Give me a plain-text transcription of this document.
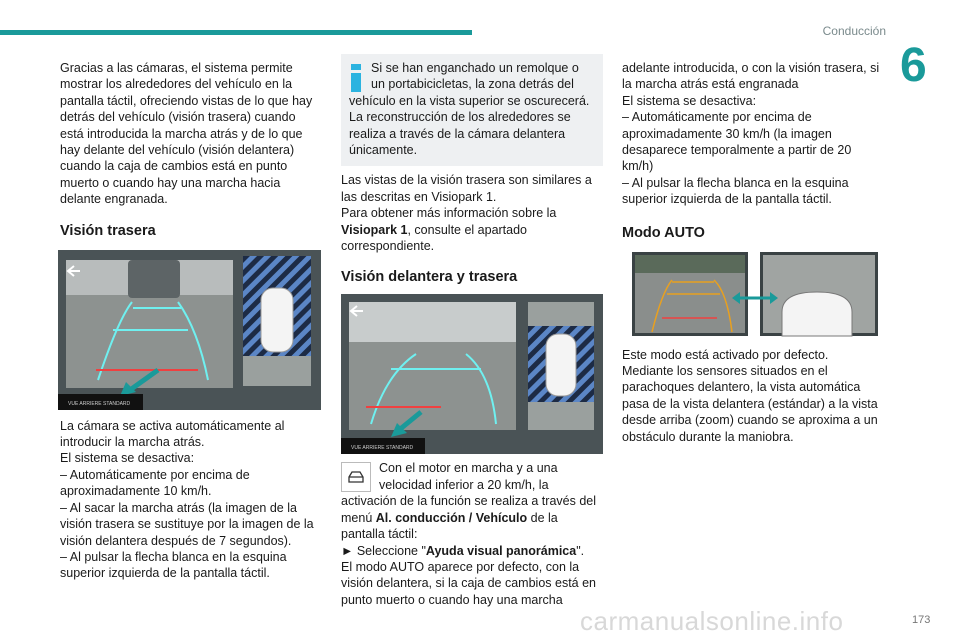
Conducción
6

Gracias a las cámaras, el sistema permite mostrar los alrededores del vehículo en la pantalla táctil, ofreciendo vistas de lo que hay detrás del vehículo (visión trasera) cuando está introducida la marcha atrás y de lo que hay delante del vehículo (visión delantera) cuando la caja de cambios está en punto muerto o cuando hay una marcha hacia delante engranada.

Visión trasera
VUE ARRIERE STANDARD

La cámara se activa automáticamente al introducir la marcha atrás.

El sistema se desactiva:

– Automáticamente por encima de aproximadamente 10 km/h.

– Al sacar la marcha atrás (la imagen de la visión trasera se sustituye por la imagen de la visión delantera después de 7 segundos).

– Al pulsar la flecha blanca en la esquina superior izquierda de la pantalla táctil.

Si se han enganchado un remolque o un portabicicletas, la zona detrás del vehículo en la vista superior se oscurecerá. La reconstrucción de los alrededores se realiza a través de la cámara delantera únicamente.

Las vistas de la visión trasera son similares a las descritas en Visiopark 1.

Para obtener más información sobre la Visiopark 1, consulte el apartado correspondiente.

Visión delantera y trasera
VUE ARRIERE STANDARD

Con el motor en marcha y a una velocidad inferior a 20 km/h, la activación de la función se realiza a través del menú Al. conducción / Vehículo de la pantalla táctil:

► Seleccione "Ayuda visual panorámica".

El modo AUTO aparece por defecto, con la visión delantera, si la caja de cambios está en punto muerto o cuando hay una marcha

adelante introducida, o con la visión trasera, si la marcha atrás está engranada

El sistema se desactiva:

– Automáticamente por encima de aproximadamente 30 km/h (la imagen desaparece temporalmente a partir de 20 km/h)

– Al pulsar la flecha blanca en la esquina superior izquierda de la pantalla táctil.

Modo AUTO

Este modo está activado por defecto.

Mediante los sensores situados en el parachoques delantero, la vista automática pasa de la vista delantera (estándar) a la vista desde arriba (zoom) cuando se aproxima a un obstáculo durante la maniobra.

carmanualsonline.info	173
